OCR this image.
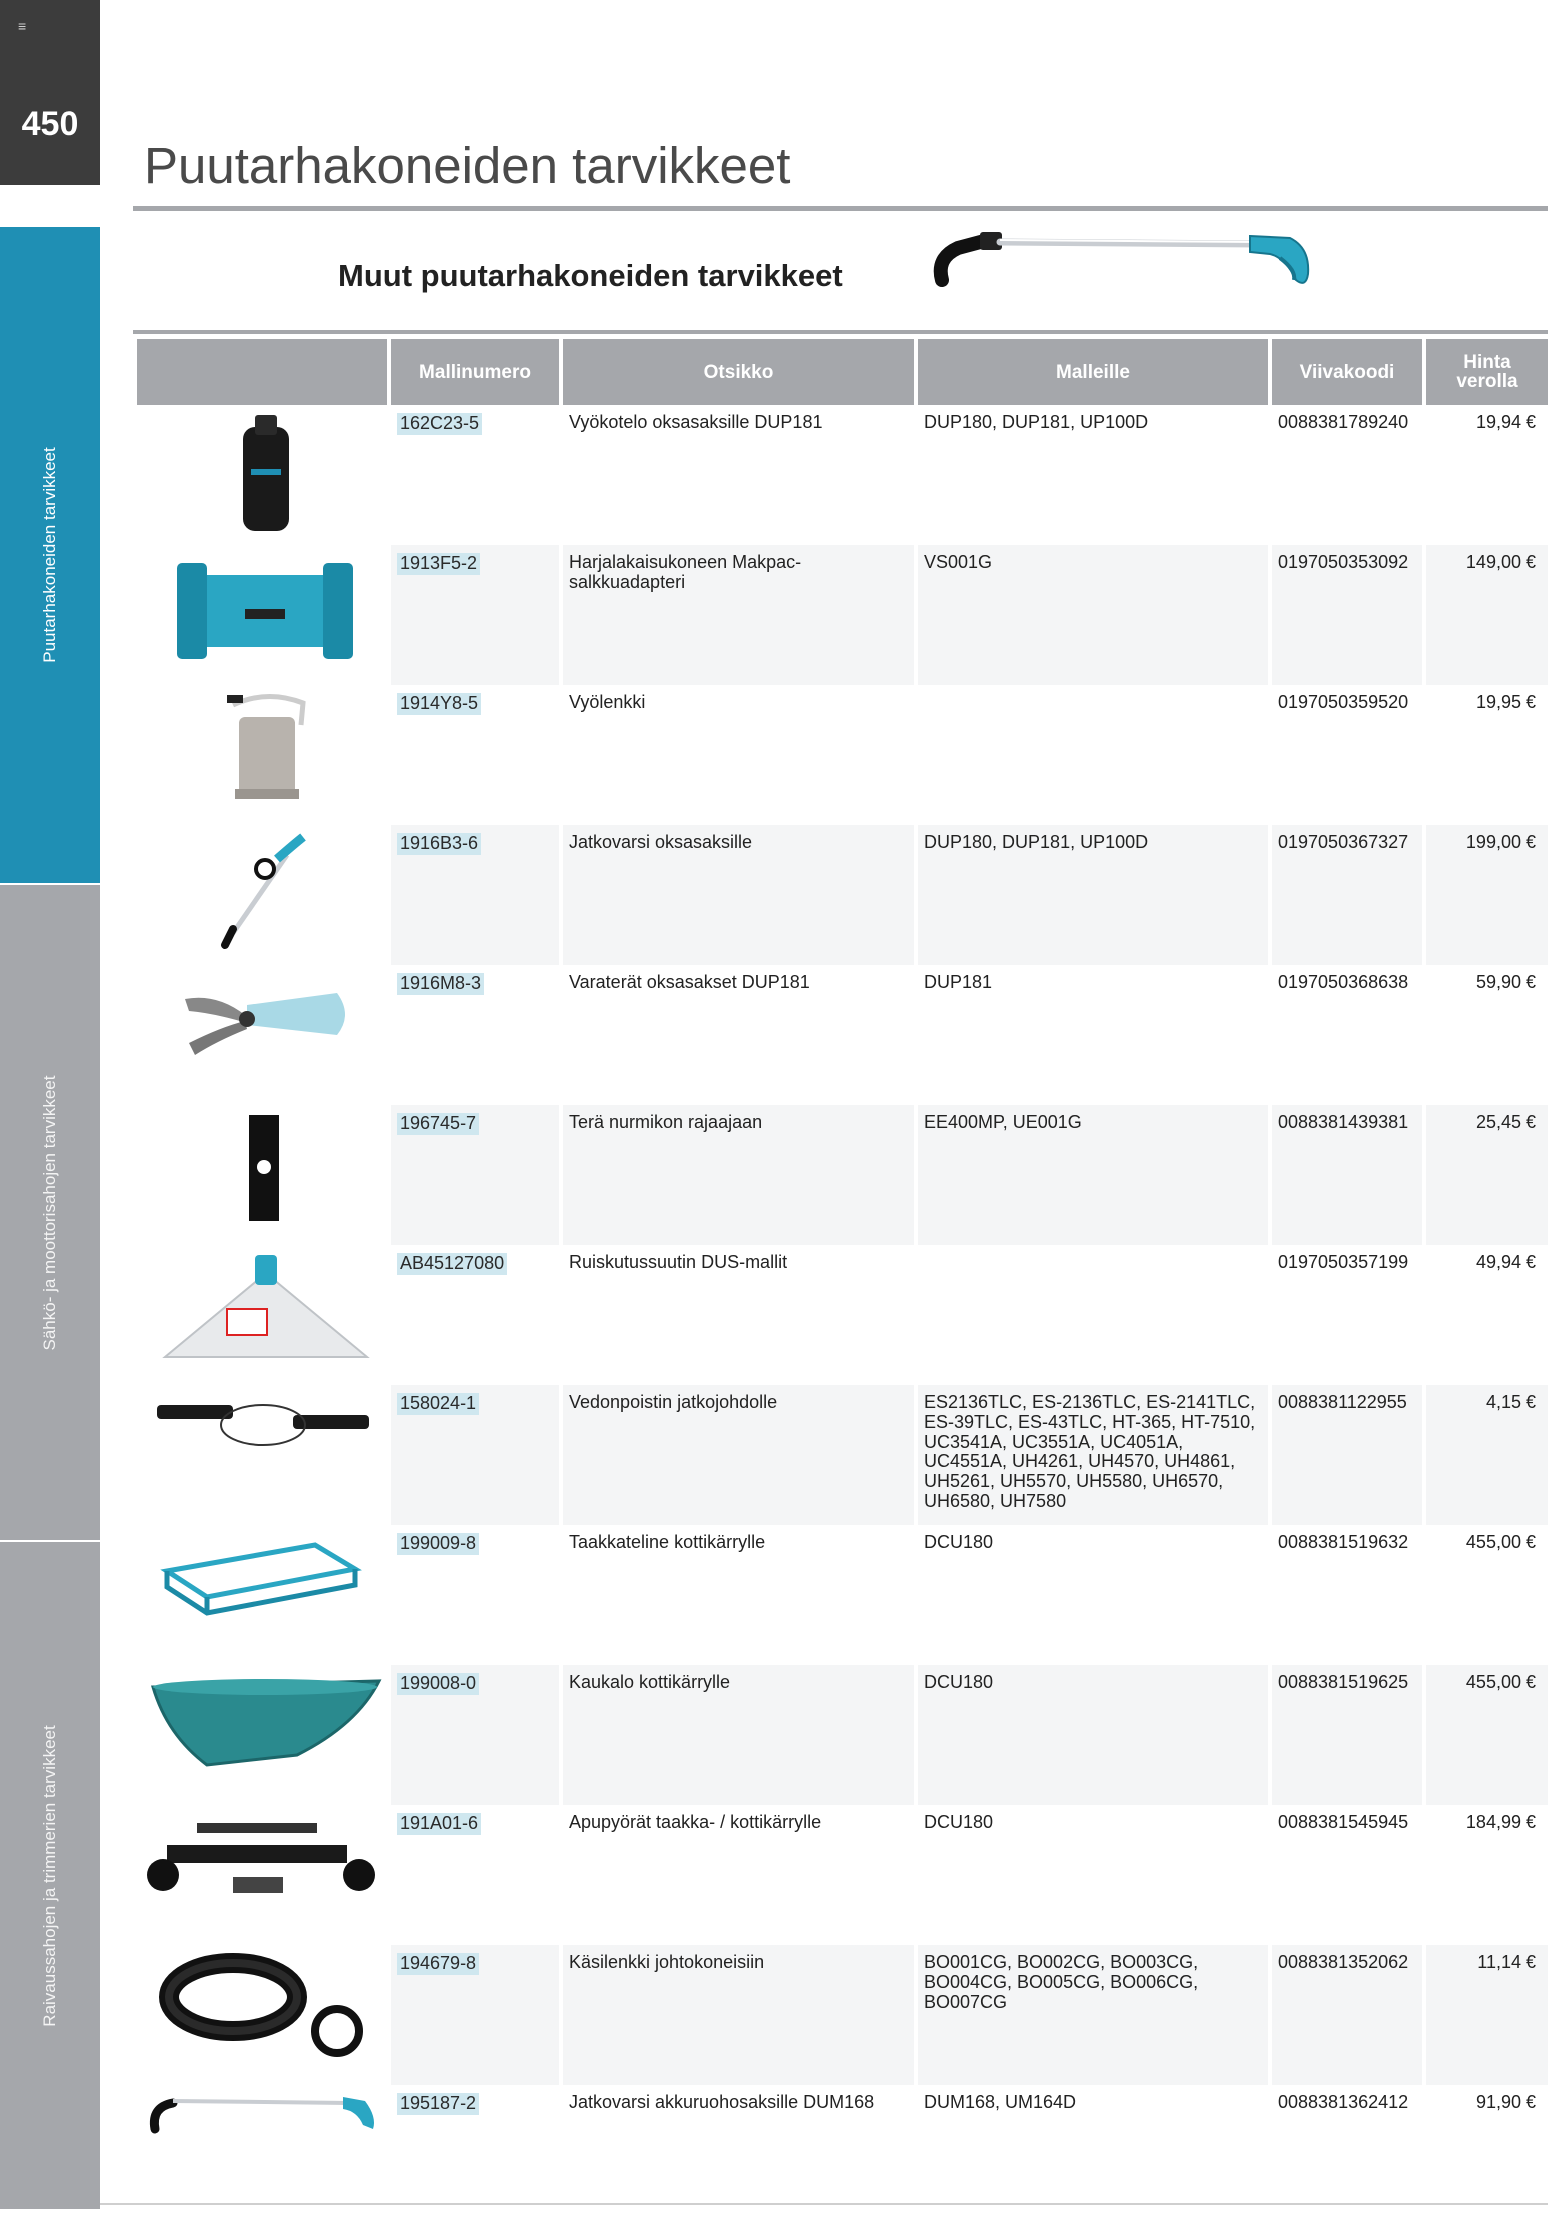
≡
450
Puutarhakoneiden tarvikkeet
Sähkö- ja moottorisahojen tarvikkeet
Raivaussahojen ja trimmerien tarvikkeet
Puutarhakoneiden tarvikkeet
Muut puutarhakoneiden tarvikkeet
	Mallinumero	Otsikko	Malleille	Viivakoodi	Hinta verolla

	162C23-5	Vyökotelo oksasaksille DUP181	DUP180, DUP181, UP100D	0088381789240	19,94 €

	1913F5-2	Harjalakaisukoneen Makpac-salkkuadapteri	VS001G	0197050353092	149,00 €

	1914Y8-5	Vyölenkki		0197050359520	19,95 €

	1916B3-6	Jatkovarsi oksasaksille	DUP180, DUP181, UP100D	0197050367327	199,00 €

	1916M8-3	Varaterät oksasakset DUP181	DUP181	0197050368638	59,90 €

	196745-7	Terä nurmikon rajaajaan	EE400MP, UE001G	0088381439381	25,45 €

	AB45127080	Ruiskutussuutin DUS-mallit		0197050357199	49,94 €

	158024-1	Vedonpoistin jatkojohdolle	ES2136TLC, ES-2136TLC, ES-2141TLC, ES-39TLC, ES-43TLC, HT-365, HT-7510, UC3541A, UC3551A, UC4051A, UC4551A, UH4261, UH4570, UH4861, UH5261, UH5570, UH5580, UH6570, UH6580, UH7580	0088381122955	4,15 €

	199009-8	Taakkateline kottikärrylle	DCU180	0088381519632	455,00 €

	199008-0	Kaukalo kottikärrylle	DCU180	0088381519625	455,00 €

	191A01-6	Apupyörät taakka- / kottikärrylle	DCU180	0088381545945	184,99 €

	194679-8	Käsilenkki johtokoneisiin	BO001CG, BO002CG, BO003CG, BO004CG, BO005CG, BO006CG, BO007CG	0088381352062	11,14 €

	195187-2	Jatkovarsi akkuruohosaksille DUM168	DUM168, UM164D	0088381362412	91,90 €
